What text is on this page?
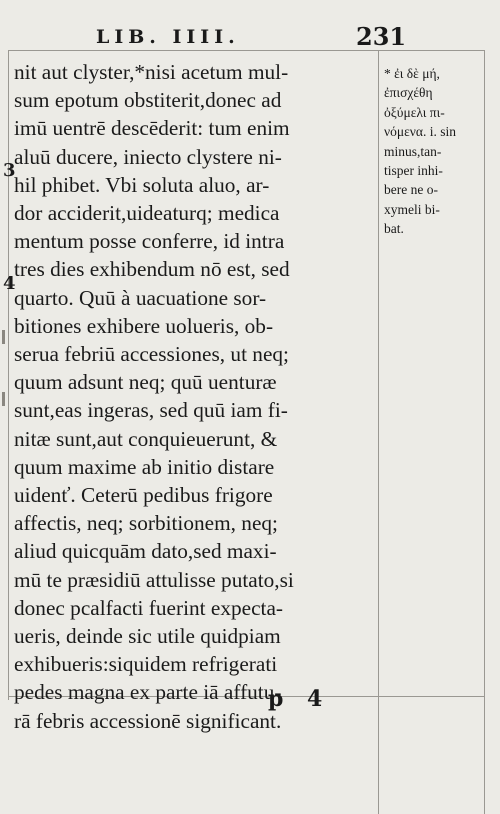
LIB. IIII.	231
3
4
nit aut clyster,*nisi acetum mul-
sum epotum obstiterit,donec ad
imū uentrē descēderit: tum enim
aluū ducere, iniecto clystere ni-
hil phibet. Vbi soluta aluo, ar-
dor acciderit,uideaturq; medica
mentum posse conferre, id intra
tres dies exhibendum nō est, sed
quarto. Quū à uacuatione sor-
bitiones exhibere uolueris, ob-
serua febriū accessiones, ut neq;
quum adsunt neq; quū uenturæ
sunt,eas ingeras, sed quū iam fi-
nitæ sunt,aut conquieuerunt, &
quum maxime ab initio distare
uidenť. Ceterū pedibus frigore
affectis, neq; sorbitionem, neq;
aliud quicquām dato,sed maxi-
mū te præsidiū attulisse putato,si
donec pcalfacti fuerint expecta-
ueris, deinde sic utile quidpiam
exhibueris:siquidem refrigerati
pedes magna ex parte iā affutu-
rā febris accessionē significant.
* ἐι δὲ μή,
ἐπισχέθη
ὀξύμελι πι-
νόμενα. i. sin
minus,tan-
tisper inhi-
bere ne o-
xymeli bi-
bat.
p 4
